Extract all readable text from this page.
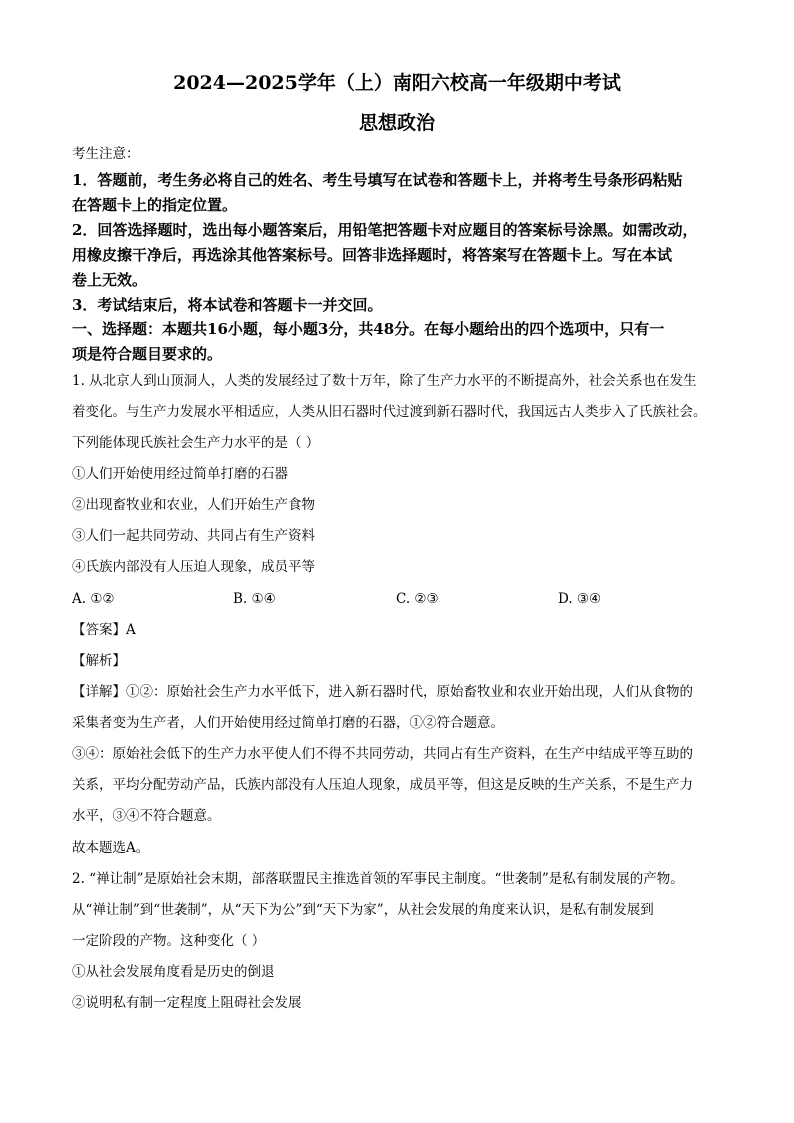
2024—2025学年（上）南阳六校高一年级期中考试
思想政治
考生注意：
1．答题前，考生务必将自己的姓名、考生号填写在试卷和答题卡上，并将考生号条形码粘贴
在答题卡上的指定位置。
2．回答选择题时，选出每小题答案后，用铅笔把答题卡对应题目的答案标号涂黑。如需改动，
用橡皮擦干净后，再选涂其他答案标号。回答非选择题时，将答案写在答题卡上。写在本试
卷上无效。
3．考试结束后，将本试卷和答题卡一并交回。
一、选择题：本题共16小题，每小题3分，共48分。在每小题给出的四个选项中，只有一
项是符合题目要求的。
1. 从北京人到山顶洞人，人类的发展经过了数十万年，除了生产力水平的不断提高外，社会关系也在发生
着变化。与生产力发展水平相适应，人类从旧石器时代过渡到新石器时代，我国远古人类步入了氏族社会。
下列能体现氏族社会生产力水平的是（ ）
①人们开始使用经过简单打磨的石器
②出现畜牧业和农业，人们开始生产食物
③人们一起共同劳动、共同占有生产资料
④氏族内部没有人压迫人现象，成员平等
A. ①②	B. ①④	C. ②③	D. ③④
【答案】A
【解析】
【详解】①②：原始社会生产力水平低下，进入新石器时代，原始畜牧业和农业开始出现，人们从食物的
采集者变为生产者，人们开始使用经过简单打磨的石器，①②符合题意。
③④：原始社会低下的生产力水平使人们不得不共同劳动，共同占有生产资料，在生产中结成平等互助的
关系，平均分配劳动产品，氏族内部没有人压迫人现象，成员平等，但这是反映的生产关系，不是生产力
水平，③④不符合题意。
故本题选A。
2. “禅让制”是原始社会末期，部落联盟民主推选首领的军事民主制度。“世袭制”是私有制发展的产物。
从“禅让制”到“世袭制”，从“天下为公”到“天下为家”，从社会发展的角度来认识，是私有制发展到
一定阶段的产物。这种变化（ ）
①从社会发展角度看是历史的倒退
②说明私有制一定程度上阻碍社会发展
